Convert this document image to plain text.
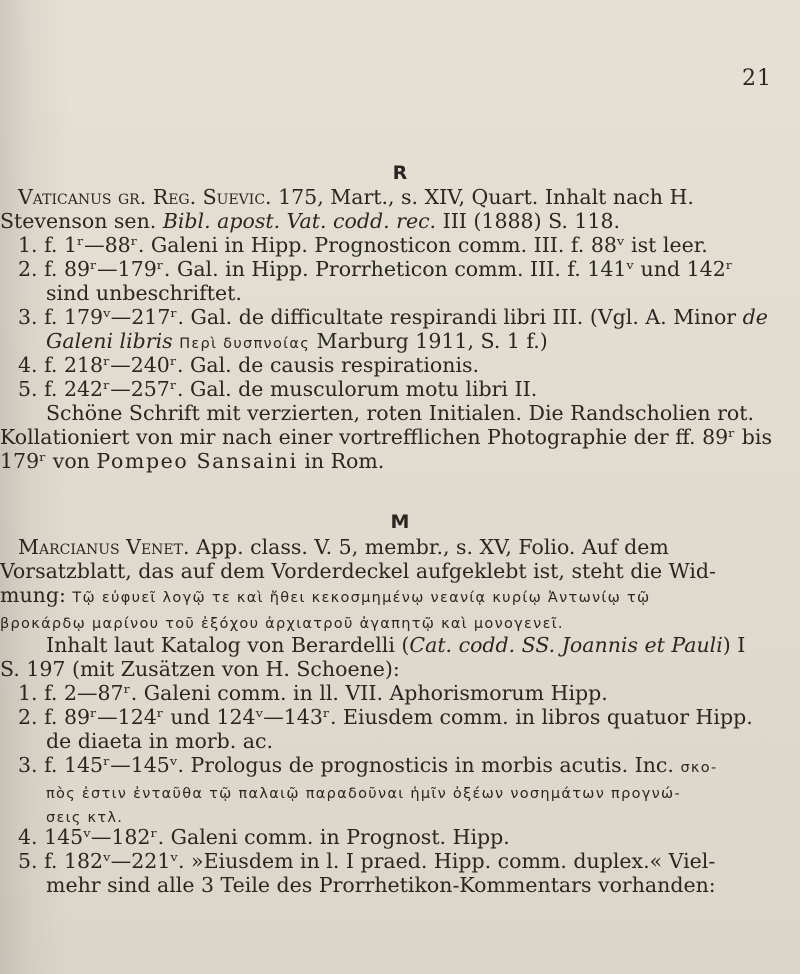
21
R
Vaticanus gr. Reg. Suevic. 175, Mart., s. XIV, Quart. Inhalt nach H.
Stevenson sen. Bibl. apost. Vat. codd. rec. III (1888) S. 118.
1. f. 1ʳ—88ʳ. Galeni in Hipp. Prognosticon comm. III. f. 88ᵛ ist leer.
2. f. 89ʳ—179ʳ. Gal. in Hipp. Prorrheticon comm. III. f. 141ᵛ und 142ʳ
sind unbeschriftet.
3. f. 179ᵛ—217ʳ. Gal. de difficultate respirandi libri III. (Vgl. A. Minor de
Galeni libris Περὶ δυσπνοίας Marburg 1911, S. 1 f.)
4. f. 218ʳ—240ʳ. Gal. de causis respirationis.
5. f. 242ʳ—257ʳ. Gal. de musculorum motu libri II.
Schöne Schrift mit verzierten, roten Initialen. Die Randscholien rot.
Kollationiert von mir nach einer vortrefflichen Photographie der ff. 89ʳ bis
179ʳ von Pompeo Sansaini in Rom.
M
Marcianus Venet. App. class. V. 5, membr., s. XV, Folio. Auf dem
Vorsatzblatt, das auf dem Vorderdeckel aufgeklebt ist, steht die Wid-
mung: Τῷ εὐφυεῖ λογῷ τε καὶ ἤθει κεκοσμημένῳ νεανίᾳ κυρίῳ Ἀντωνίῳ τῷ
βροκάρδῳ μαρίνου τοῦ ἐξόχου ἀρχιατροῦ ἀγαπητῷ καὶ μονογενεῖ.
Inhalt laut Katalog von Berardelli (Cat. codd. SS. Joannis et Pauli) I
S. 197 (mit Zusätzen von H. Schoene):
1. f. 2—87ʳ. Galeni comm. in ll. VII. Aphorismorum Hipp.
2. f. 89ʳ—124ʳ und 124ᵛ—143ʳ. Eiusdem comm. in libros quatuor Hipp.
de diaeta in morb. ac.
3. f. 145ʳ—145ᵛ. Prologus de prognosticis in morbis acutis. Inc. σκο-
πὸς ἐστιν ἐνταῦθα τῷ παλαιῷ παραδοῦναι ἡμῖν ὀξέων νοσημάτων προγνώ-
σεις κτλ.
4. 145ᵛ—182ʳ. Galeni comm. in Prognost. Hipp.
5. f. 182ᵛ—221ᵛ. »Eiusdem in l. I praed. Hipp. comm. duplex.« Viel-
mehr sind alle 3 Teile des Prorrhetikon-Kommentars vorhanden:
